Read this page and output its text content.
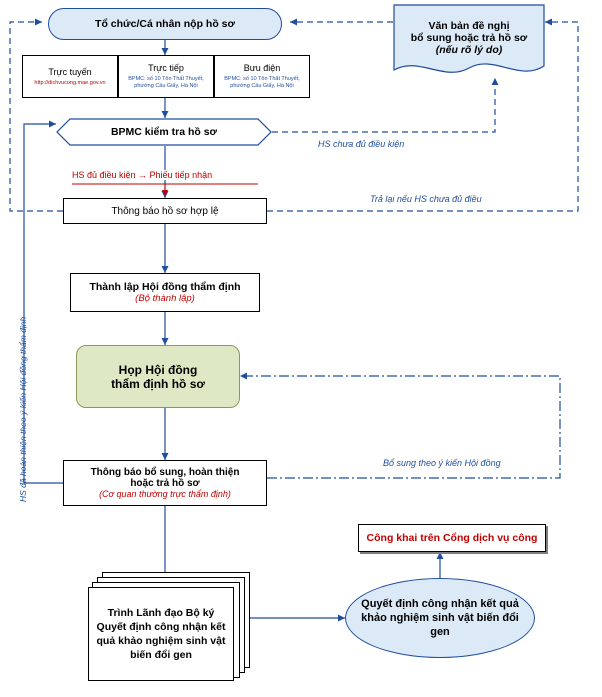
Tổ chức/Cá nhân nộp hồ sơ
Trực tuyến
http://dichvucong.mae.gov.vn
Trực tiếp
BPMC: số 10 Tôn Thất Thuyết, phường Cầu Giấy, Hà Nội
Bưu điện
BPMC: số 10 Tôn Thất Thuyết, phường Cầu Giấy, Hà Nội
BPMC kiểm tra hồ sơ
Thông báo hồ sơ hợp lệ
Thành lập Hội đồng thẩm định
(Bộ thành lập)
Họp Hội đồng
thẩm định hồ sơ
Thông báo bổ sung, hoàn thiện
hoặc trả hồ sơ
(Cơ quan thường trực thẩm định)
Trình Lãnh đạo Bộ ký Quyết định công nhận kết quả khảo nghiệm sinh vật biến đổi gen
Quyết định công nhận kết quả khảo nghiệm sinh vật biến đổi gen
Công khai trên Cổng dịch vụ công
Văn bản đề nghị
bổ sung hoặc trả hồ sơ
(nếu rõ lý do)
HS chưa đủ điều kiện
HS đủ điều kiện → Phiếu tiếp nhận
Trả lại nếu HS chưa đủ điều
Bổ sung theo ý kiến Hội đồng
HS đã hoàn thiện theo ý kiến Hội đồng thẩm định
